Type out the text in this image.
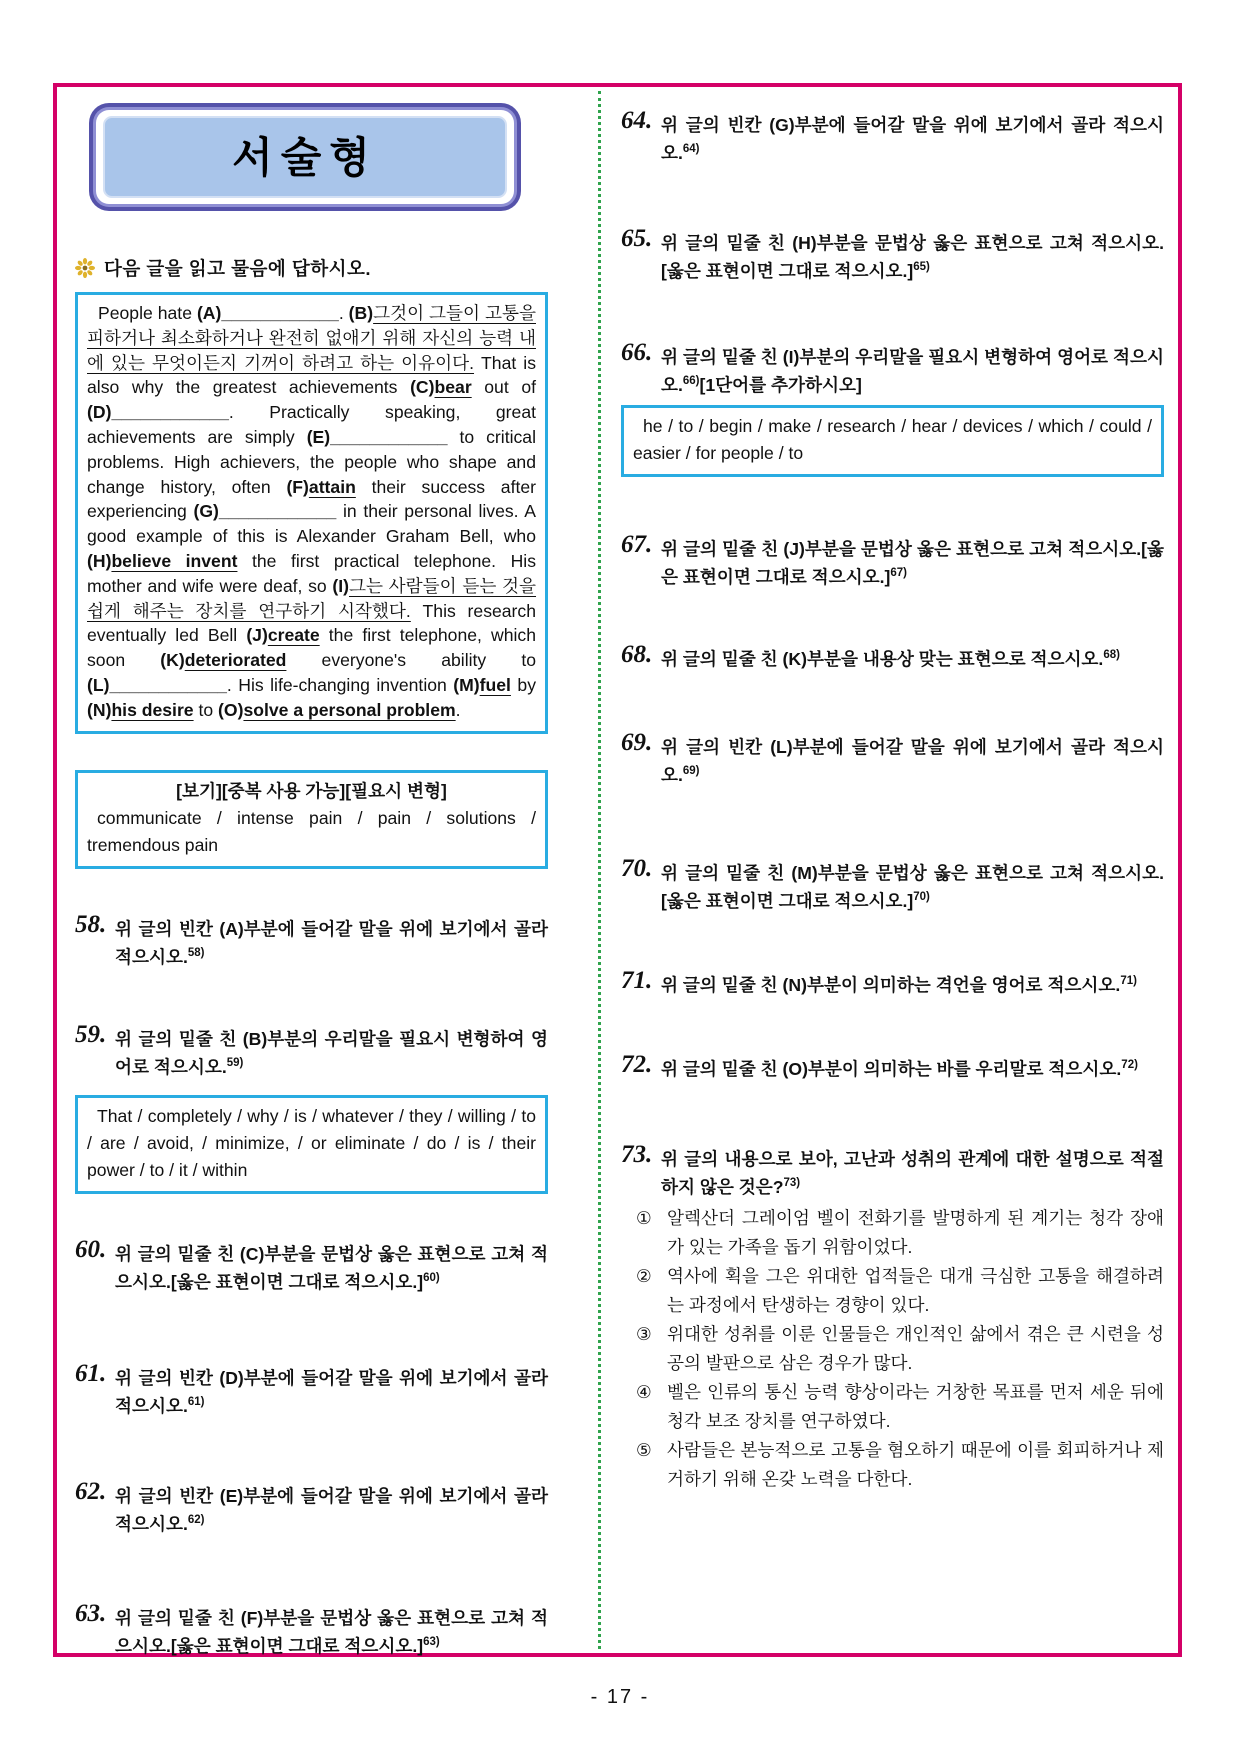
서술형
다음 글을 읽고 물음에 답하시오.

People hate (A)____________. (B)그것이 그들이 고통을 피하거나 최소화하거나 완전히 없애기 위해 자신의 능력 내에 있는 무엇이든지 기꺼이 하려고 하는 이유이다. That is also why the greatest achievements (C)bear out of (D)____________. Practically speaking, great achievements are simply (E)____________ to critical problems. High achievers, the people who shape and change history, often (F)attain their success after experiencing (G)____________ in their personal lives. A good example of this is Alexander Graham Bell, who (H)believe invent the first practical telephone. His mother and wife were deaf, so (I)그는 사람들이 듣는 것을 쉽게 해주는 장치를 연구하기 시작했다. This research eventually led Bell (J)create the first telephone, which soon (K)deteriorated everyone's ability to (L)____________. His life-changing invention (M)fuel by (N)his desire to (O)solve a personal problem.

[보기][중복 사용 가능][필요시 변형]
communicate / intense pain / pain / solutions / tremendous pain
58. 위 글의 빈칸 (A)부분에 들어갈 말을 위에 보기에서 골라 적으시오.$^{58)}$
59. 위 글의 밑줄 친 (B)부분의 우리말을 필요시 변형하여 영어로 적으시오.$^{59)}$
That / completely / why / is / whatever / they / willing / to / are / avoid, / minimize, / or eliminate / do / is / their power / to / it / within
60. 위 글의 밑줄 친 (C)부분을 문법상 옳은 표현으로 고쳐 적으시오.[옳은 표현이면 그대로 적으시오.]$^{60)}$
61. 위 글의 빈칸 (D)부분에 들어갈 말을 위에 보기에서 골라 적으시오.$^{61)}$
62. 위 글의 빈칸 (E)부분에 들어갈 말을 위에 보기에서 골라 적으시오.$^{62)}$
63. 위 글의 밑줄 친 (F)부분을 문법상 옳은 표현으로 고쳐 적으시오.[옳은 표현이면 그대로 적으시오.]$^{63)}$
64. 위 글의 빈칸 (G)부분에 들어갈 말을 위에 보기에서 골라 적으시오.$^{64)}$
65. 위 글의 밑줄 친 (H)부분을 문법상 옳은 표현으로 고쳐 적으시오.[옳은 표현이면 그대로 적으시오.]$^{65)}$
66. 위 글의 밑줄 친 (I)부분의 우리말을 필요시 변형하여 영어로 적으시오.$^{66)}$[1단어를 추가하시오]
he / to / begin / make / research / hear / devices / which / could / easier / for people / to
67. 위 글의 밑줄 친 (J)부분을 문법상 옳은 표현으로 고쳐 적으시오.[옳은 표현이면 그대로 적으시오.]$^{67)}$
68. 위 글의 밑줄 친 (K)부분을 내용상 맞는 표현으로 적으시오.$^{68)}$
69. 위 글의 빈칸 (L)부분에 들어갈 말을 위에 보기에서 골라 적으시오.$^{69)}$
70. 위 글의 밑줄 친 (M)부분을 문법상 옳은 표현으로 고쳐 적으시오.[옳은 표현이면 그대로 적으시오.]$^{70)}$
71. 위 글의 밑줄 친 (N)부분이 의미하는 격언을 영어로 적으시오.$^{71)}$
72. 위 글의 밑줄 친 (O)부분이 의미하는 바를 우리말로 적으시오.$^{72)}$
73. 위 글의 내용으로 보아, 고난과 성취의 관계에 대한 설명으로 적절하지 않은 것은?$^{73)}$
① 알렉산더 그레이엄 벨이 전화기를 발명하게 된 계기는 청각 장애가 있는 가족을 돕기 위함이었다.
② 역사에 획을 그은 위대한 업적들은 대개 극심한 고통을 해결하려는 과정에서 탄생하는 경향이 있다.
③ 위대한 성취를 이룬 인물들은 개인적인 삶에서 겪은 큰 시련을 성공의 발판으로 삼은 경우가 많다.
④ 벨은 인류의 통신 능력 향상이라는 거창한 목표를 먼저 세운 뒤에 청각 보조 장치를 연구하였다.
⑤ 사람들은 본능적으로 고통을 혐오하기 때문에 이를 회피하거나 제거하기 위해 온갖 노력을 다한다.
- 17 -
